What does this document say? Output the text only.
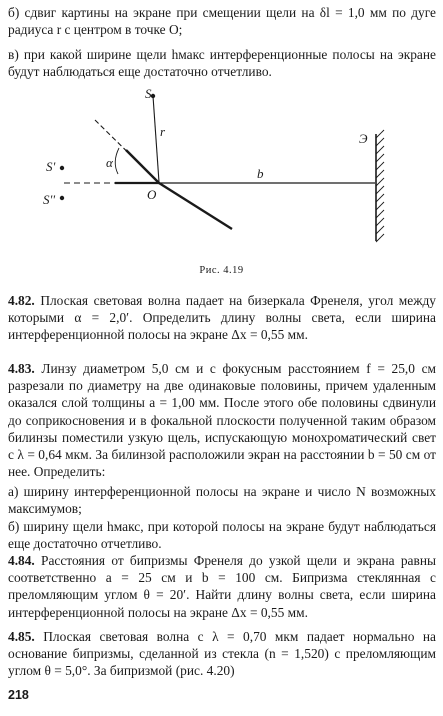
б) сдвиг картины на экране при смещении щели на δl = 1,0 мм по дуге радиуса r с центром в точке O;

в) при какой ширине щели hмакс интерференционные полосы на экране будут наблюдаться еще достаточно отчетливо.

S
S'
S''
α
r
O
b
Э
Рис. 4.19

4.82. Плоская световая волна падает на бизеркала Френеля, угол между которыми α = 2,0′. Определить длину волны света, если ширина интерференционной полосы на экране Δx = 0,55 мм.

4.83. Линзу диаметром 5,0 см и с фокусным расстоянием f = 25,0 см разрезали по диаметру на две одинаковые половины, причем удаленным оказался слой толщины a = 1,00 мм. После этого обе половины сдвинули до соприкосновения и в фокальной плоскости полученной таким образом билинзы поместили узкую щель, испускающую монохроматический свет с λ = 0,64 мкм. За билинзой расположили экран на расстоянии b = 50 см от нее. Определить:

а) ширину интерференционной полосы на экране и число N возможных максимумов;

б) ширину щели hмакс, при которой полосы на экране будут наблюдаться еще достаточно отчетливо.

4.84. Расстояния от бипризмы Френеля до узкой щели и экрана равны соответственно a = 25 см и b = 100 см. Бипризма стеклянная с преломляющим углом θ = 20′. Найти длину волны света, если ширина интерференционной полосы на экране Δx = 0,55 мм.

4.85. Плоская световая волна с λ = 0,70 мкм падает нормально на основание бипризмы, сделанной из стекла (n = 1,520) с преломляющим углом θ = 5,0°. За бипризмой (рис. 4.20)

218
